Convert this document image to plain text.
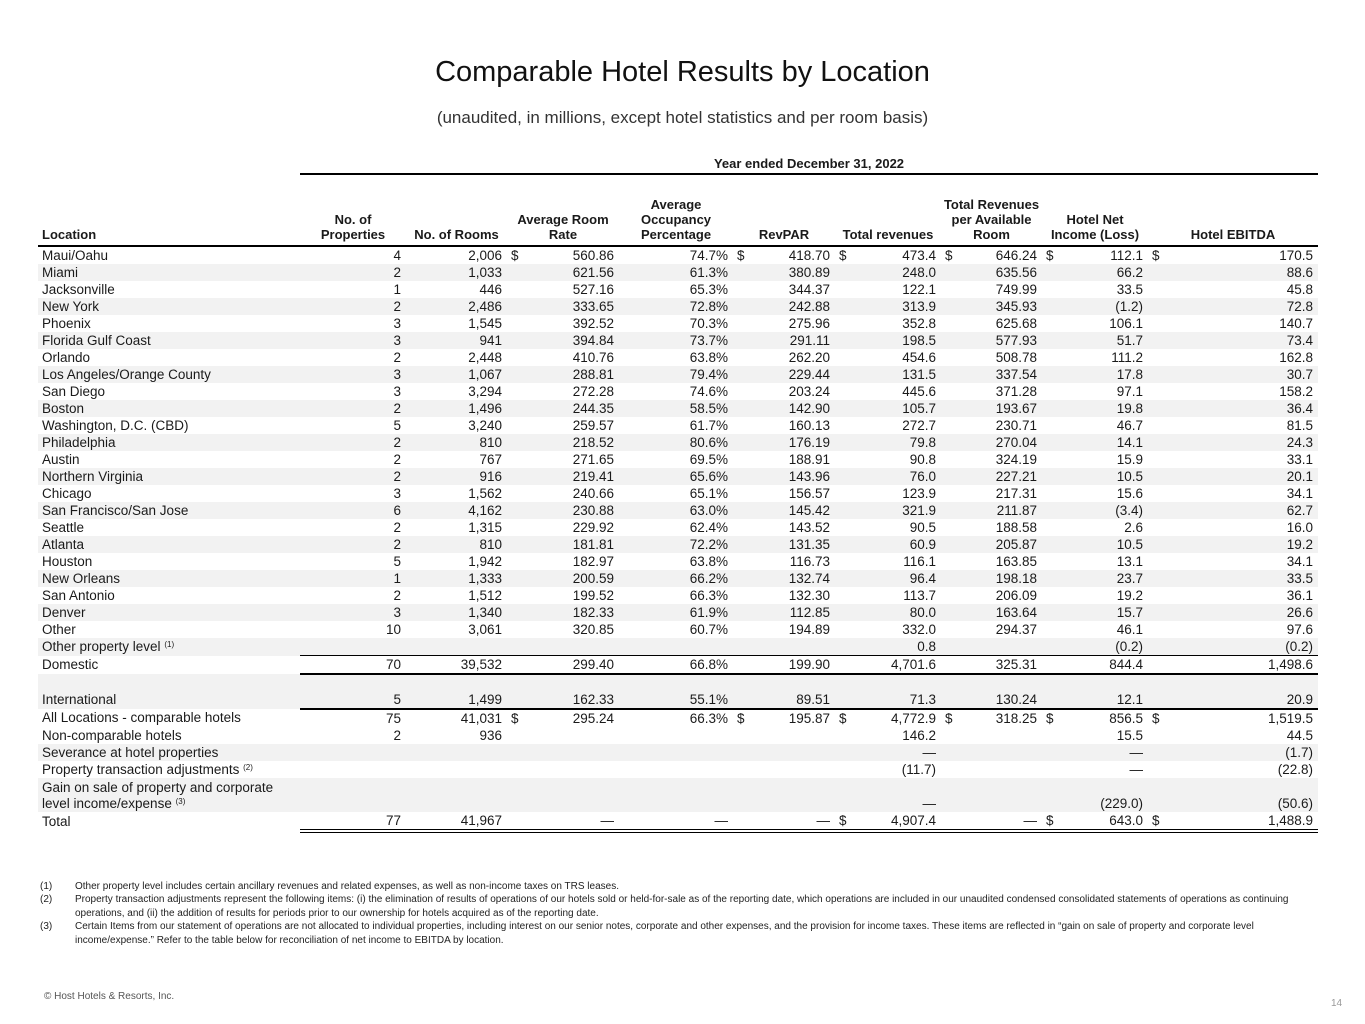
Comparable Hotel Results by Location
(unaudited, in millions, except hotel statistics and per room basis)
Year ended December 31, 2022
Location	No. of Properties	No. of Rooms	Average Room Rate	Average Occupancy Percentage	RevPAR	Total revenues	Total Revenues per Available Room	Hotel Net Income (Loss)	Hotel EBITDA
Maui/Oahu	4	2,006	$ 560.86	74.7%	$ 418.70	$ 473.4	$ 646.24	$ 112.1	$ 170.5
Miami	2	1,033	621.56	61.3%	380.89	248.0	635.56	66.2	88.6
Jacksonville	1	446	527.16	65.3%	344.37	122.1	749.99	33.5	45.8
New York	2	2,486	333.65	72.8%	242.88	313.9	345.93	(1.2)	72.8
Phoenix	3	1,545	392.52	70.3%	275.96	352.8	625.68	106.1	140.7
Florida Gulf Coast	3	941	394.84	73.7%	291.11	198.5	577.93	51.7	73.4
Orlando	2	2,448	410.76	63.8%	262.20	454.6	508.78	111.2	162.8
Los Angeles/Orange County	3	1,067	288.81	79.4%	229.44	131.5	337.54	17.8	30.7
San Diego	3	3,294	272.28	74.6%	203.24	445.6	371.28	97.1	158.2
Boston	2	1,496	244.35	58.5%	142.90	105.7	193.67	19.8	36.4
Washington, D.C. (CBD)	5	3,240	259.57	61.7%	160.13	272.7	230.71	46.7	81.5
Philadelphia	2	810	218.52	80.6%	176.19	79.8	270.04	14.1	24.3
Austin	2	767	271.65	69.5%	188.91	90.8	324.19	15.9	33.1
Northern Virginia	2	916	219.41	65.6%	143.96	76.0	227.21	10.5	20.1
Chicago	3	1,562	240.66	65.1%	156.57	123.9	217.31	15.6	34.1
San Francisco/San Jose	6	4,162	230.88	63.0%	145.42	321.9	211.87	(3.4)	62.7
Seattle	2	1,315	229.92	62.4%	143.52	90.5	188.58	2.6	16.0
Atlanta	2	810	181.81	72.2%	131.35	60.9	205.87	10.5	19.2
Houston	5	1,942	182.97	63.8%	116.73	116.1	163.85	13.1	34.1
New Orleans	1	1,333	200.59	66.2%	132.74	96.4	198.18	23.7	33.5
San Antonio	2	1,512	199.52	66.3%	132.30	113.7	206.09	19.2	36.1
Denver	3	1,340	182.33	61.9%	112.85	80.0	163.64	15.7	26.6
Other	10	3,061	320.85	60.7%	194.89	332.0	294.37	46.1	97.6
Other property level $^{(1)}$						0.8		(0.2)	(0.2)
Domestic	70	39,532	299.40	66.8%	199.90	4,701.6	325.31	844.4	1,498.6

International	5	1,499	162.33	55.1%	89.51	71.3	130.24	12.1	20.9
All Locations - comparable hotels	75	41,031	$ 295.24	66.3%	$ 195.87	$ 4,772.9	$ 318.25	$ 856.5	$ 1,519.5
Non-comparable hotels	2	936				146.2		15.5	44.5
Severance at hotel properties						—		—	(1.7)
Property transaction adjustments $^{(2)}$						(11.7)		—	(22.8)
Gain on sale of property and corporate level income/expense $^{(3)}$						—		(229.0)	(50.6)
Total	77	41,967	—	—	—	$ 4,907.4	—	$ 643.0	$ 1,488.9
(1)	Other property level includes certain ancillary revenues and related expenses, as well as non-income taxes on TRS leases.
(2)	Property transaction adjustments represent the following items: (i) the elimination of results of operations of our hotels sold or held-for-sale as of the reporting date, which operations are included in our unaudited condensed consolidated statements of operations as continuing operations, and (ii) the addition of results for periods prior to our ownership for hotels acquired as of the reporting date.
(3)	Certain Items from our statement of operations are not allocated to individual properties, including interest on our senior notes, corporate and other expenses, and the provision for income taxes. These items are reflected in “gain on sale of property and corporate level income/expense.” Refer to the table below for reconciliation of net income to EBITDA by location.
© Host Hotels & Resorts, Inc.
14
